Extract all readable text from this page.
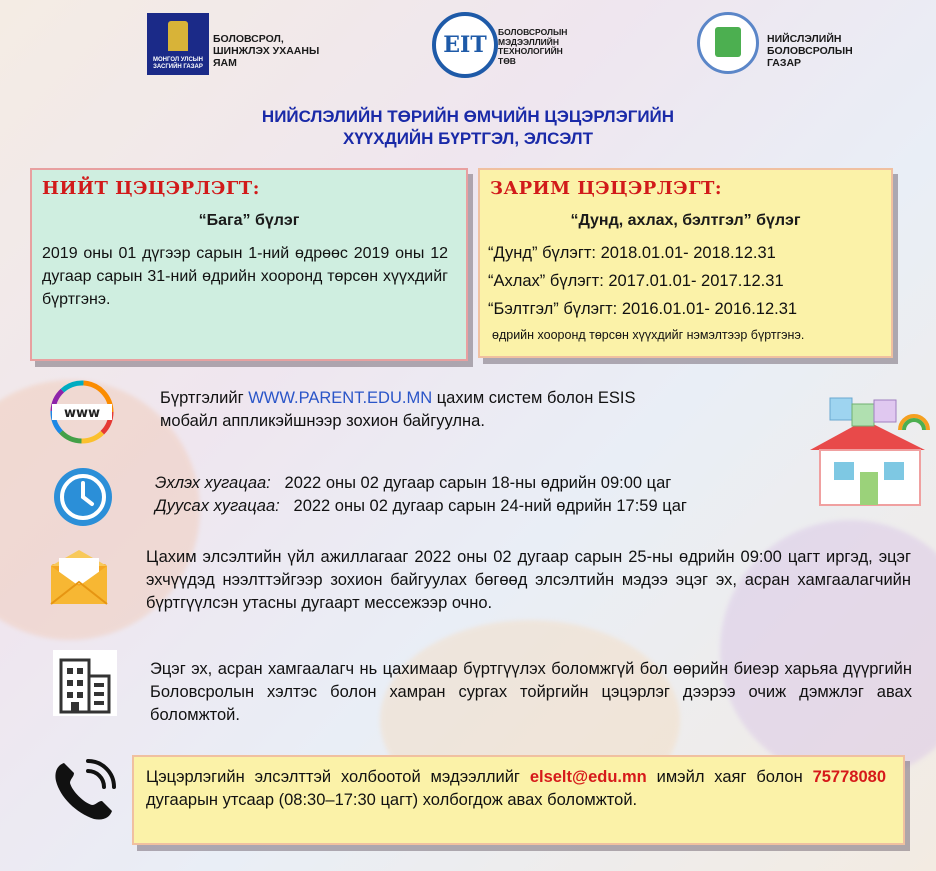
МОНГОЛ УЛСЫН ЗАСГИЙН ГАЗАР
БОЛОВСРОЛ,
ШИНЖЛЭХ УХААНЫ
ЯАМ
EIT	БОЛОВСРОЛЫН
МЭДЭЭЛЛИЙН
ТЕХНОЛОГИЙН
ТӨВ
НИЙСЛЭЛИЙН
БОЛОВСРОЛЫН
ГАЗАР
НИЙСЛЭЛИЙН ТӨРИЙН ӨМЧИЙН ЦЭЦЭРЛЭГИЙН
ХҮҮХДИЙН БҮРТГЭЛ, ЭЛСЭЛТ
НИЙТ ЦЭЦЭРЛЭГТ:
“Бага” бүлэг
2019 оны 01 дүгээр сарын 1-ний өдрөөс 2019 оны 12 дугаар сарын 31-ний өдрийн хооронд төрсөн хүүхдийг бүртгэнэ.
ЗАРИМ ЦЭЦЭРЛЭГТ:
“Дунд, ахлах, бэлтгэл” бүлэг
“Дунд” бүлэгт: 2018.01.01- 2018.12.31
“Ахлах” бүлэгт: 2017.01.01- 2017.12.31
“Бэлтгэл” бүлэгт: 2016.01.01- 2016.12.31
өдрийн хооронд төрсөн хүүхдийг нэмэлтээр бүртгэнэ.
www
Бүртгэлийг WWW.PARENT.EDU.MN цахим систем болон ESIS
мобайл аппликэйшнээр зохион байгуулна.
Эхлэх хугацаа: 2022 оны 02 дугаар сарын 18-ны өдрийн 09:00 цаг
Дуусах хугацаа: 2022 оны 02 дугаар сарын 24-ний өдрийн 17:59 цаг
Цахим элсэлтийн үйл ажиллагааг 2022 оны 02 дугаар сарын 25-ны өдрийн 09:00 цагт иргэд, эцэг эхчүүдэд нээлттэйгээр зохион байгуулах бөгөөд элсэлтийн мэдээ эцэг эх, асран хамгаалагчийн бүртгүүлсэн утасны дугаарт мессежээр очно.
Эцэг эх, асран хамгаалагч нь цахимаар бүртгүүлэх боломжгүй бол өөрийн биеэр харьяа дүүргийн Боловсролын хэлтэс болон хамран сургах тойргийн цэцэрлэг дээрээ очиж дэмжлэг авах боломжтой.
Цэцэрлэгийн элсэлттэй холбоотой мэдээллийг elselt@edu.mn имэйл хаяг болон 75778080 дугаарын утсаар (08:30–17:30 цагт) холбогдож авах боломжтой.
